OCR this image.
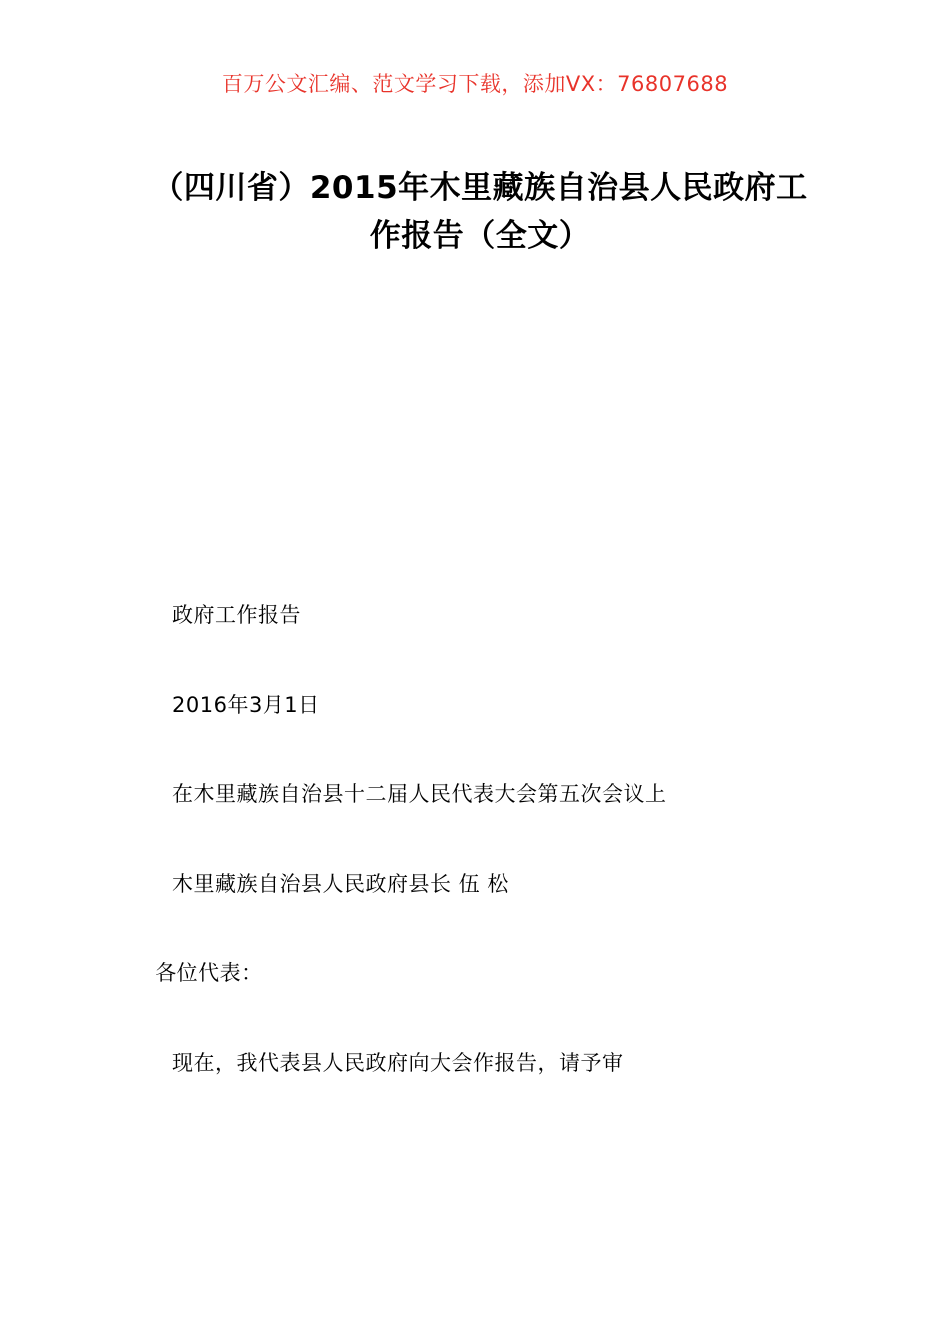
百万公文汇编、范文学习下载，添加VX：76807688
（四川省）2015年木里藏族自治县人民政府工作报告（全文）

政府工作报告

2016年3月1日

在木里藏族自治县十二届人民代表大会第五次会议上

木里藏族自治县人民政府县长 伍 松

各位代表：

现在，我代表县人民政府向大会作报告，请予审
